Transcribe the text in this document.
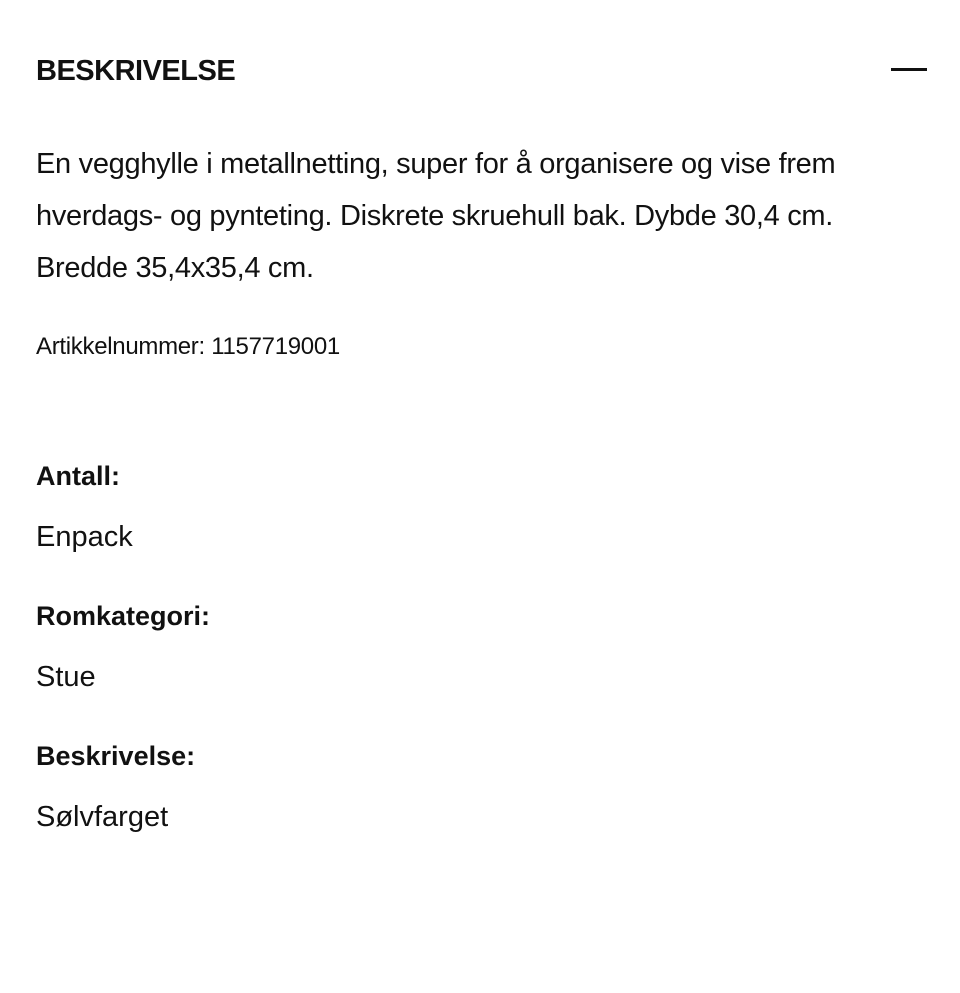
BESKRIVELSE

En vegghylle i metallnetting, super for å organisere og vise frem hverdags- og pynteting. Diskrete skruehull bak. Dybde 30,4 cm. Bredde 35,4x35,4 cm.

Artikkelnummer: 1157719001
Antall:
Enpack
Romkategori:
Stue
Beskrivelse:
Sølvfarget
